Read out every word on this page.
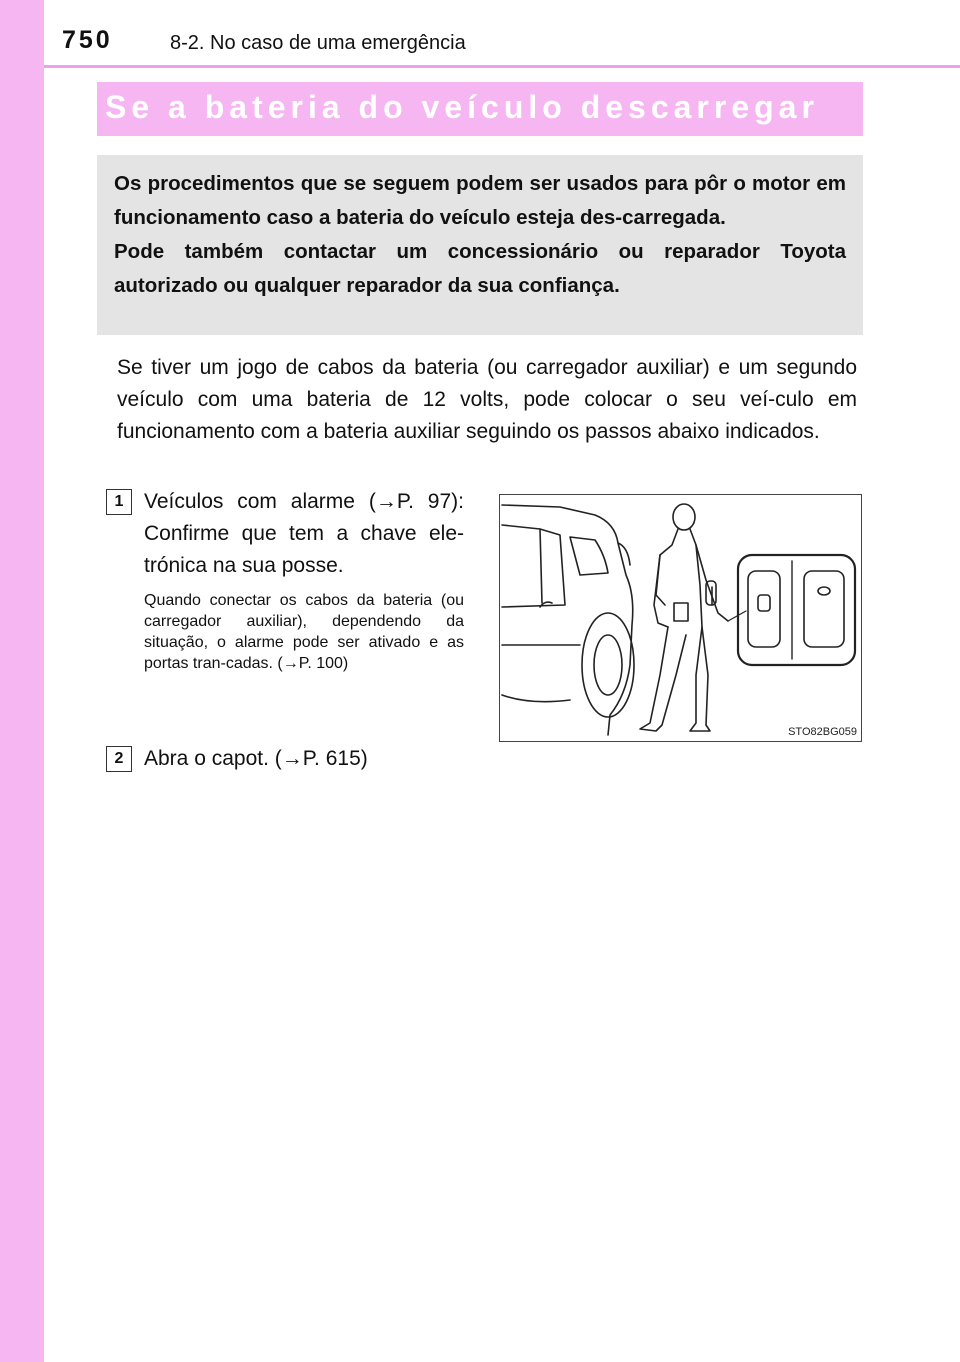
750	8-2. No caso de uma emergência
Se a bateria do veículo descarregar

Os procedimentos que se seguem podem ser usados para pôr o motor em funcionamento caso a bateria do veículo esteja des-carregada.

Pode também contactar um concessionário ou reparador Toyota autorizado ou qualquer reparador da sua confiança.

Se tiver um jogo de cabos da bateria (ou carregador auxiliar) e um segundo veículo com uma bateria de 12 volts, pode colocar o seu veí-culo em funcionamento com a bateria auxiliar seguindo os passos abaixo indicados.

1 Veículos com alarme (→P. 97): Confirme que tem a chave ele-trónica na sua posse.

Quando conectar os cabos da bateria (ou carregador auxiliar), dependendo da situação, o alarme pode ser ativado e as portas tran-cadas. (→P. 100)

STO82BG059
2 Abra o capot. (→P. 615)
